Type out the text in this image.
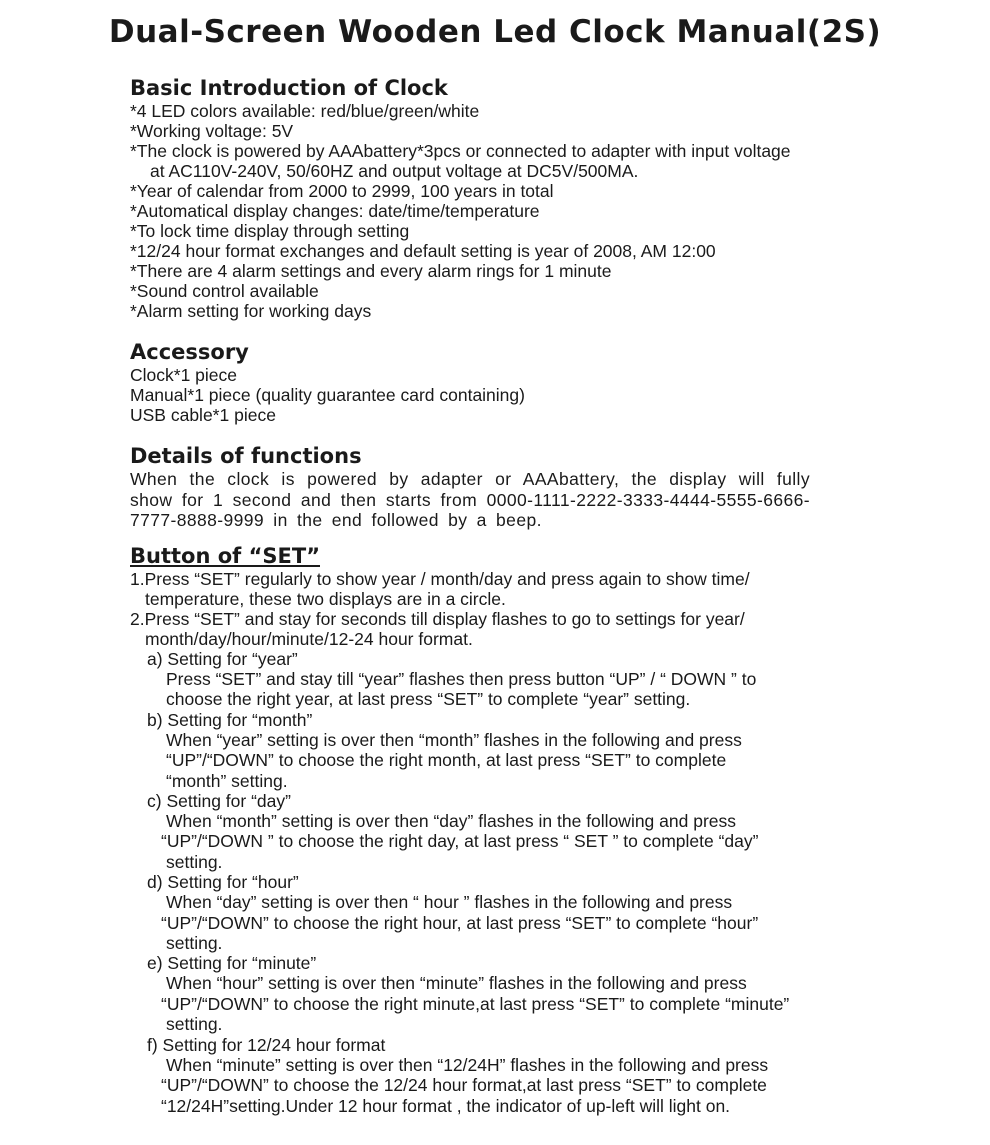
Dual-Screen Wooden Led Clock Manual(2S)
Basic Introduction of Clock
*4 LED colors available: red/blue/green/white
*Working voltage: 5V
*The clock is powered by AAAbattery*3pcs or connected to adapter with input voltage
at AC110V-240V, 50/60HZ and output voltage at DC5V/500MA.
*Year of calendar from 2000 to 2999, 100 years in total
*Automatical display changes: date/time/temperature
*To lock time display through setting
*12/24 hour format exchanges and default setting is year of 2008, AM 12:00
*There are 4 alarm settings and every alarm rings for 1 minute
*Sound control available
*Alarm setting for working days
Accessory
Clock*1 piece
Manual*1 piece (quality guarantee card containing)
USB cable*1 piece
Details of functions
When the clock is powered by adapter or AAAbattery, the display will fully show for 1 second and then starts from 0000-1111-2222-3333-4444-5555-6666-7777-8888-9999 in the end followed by a beep.
Button of “SET”
1.Press “SET” regularly to show year / month/day and press again to show time/
temperature, these two displays are in a circle.
2.Press “SET” and stay for seconds till display flashes to go to settings for year/
month/day/hour/minute/12-24 hour format.
a) Setting for “year”
Press “SET” and stay till “year” flashes then press button “UP” / “ DOWN ” to
choose the right year, at last press “SET” to complete “year” setting.
b) Setting for “month”
When “year” setting is over then “month” flashes in the following and press
“UP”/“DOWN” to choose the right month, at last press “SET” to complete
“month” setting.
c) Setting for “day”
When “month” setting is over then “day” flashes in the following and press
“UP”/“DOWN ” to choose the right day, at last press “ SET ” to complete “day”
setting.
d) Setting for “hour”
When “day” setting is over then “ hour ” flashes in the following and press
“UP”/“DOWN” to choose the right hour, at last press “SET” to complete “hour”
setting.
e) Setting for “minute”
When “hour” setting is over then “minute” flashes in the following and press
“UP”/“DOWN” to choose the right minute,at last press “SET” to complete “minute”
setting.
f) Setting for 12/24 hour format
When “minute” setting is over then “12/24H” flashes in the following and press
“UP”/“DOWN” to choose the 12/24 hour format,at last press “SET” to complete
“12/24H”setting.Under 12 hour format , the indicator of up-left will light on.
